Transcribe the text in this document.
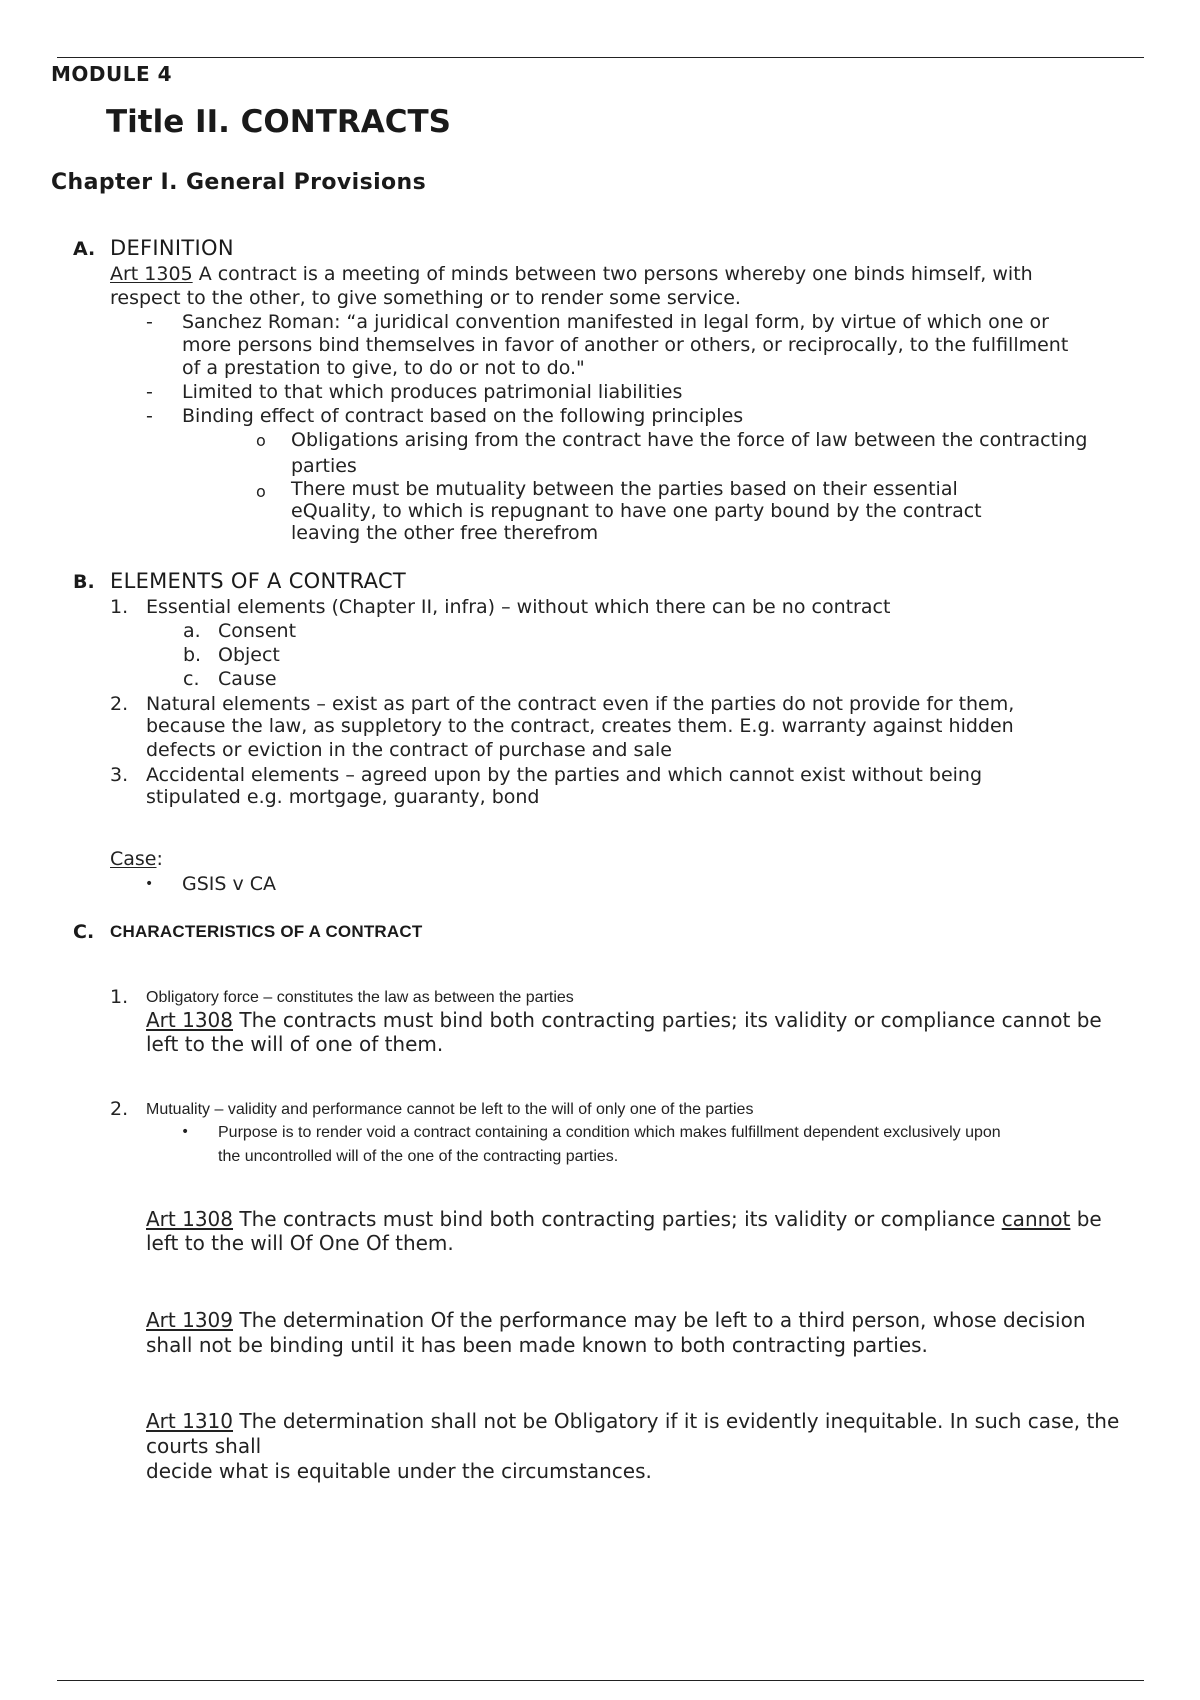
MODULE 4
Title II. CONTRACTS
Chapter I. General Provisions
A. DEFINITION
Art 1305 A contract is a meeting of minds between two persons whereby one binds himself, with
respect to the other, to give something or to render some service.
- Sanchez Roman: “a juridical convention manifested in legal form, by virtue of which one or
more persons bind themselves in favor of another or others, or reciprocally, to the fulfillment
of a prestation to give, to do or not to do."
- Limited to that which produces patrimonial liabilities
- Binding effect of contract based on the following principles
o Obligations arising from the contract have the force of law between the contracting
parties
o There must be mutuality between the parties based on their essential
eQuality, to which is repugnant to have one party bound by the contract
leaving the other free therefrom
B. ELEMENTS OF A CONTRACT
1. Essential elements (Chapter II, infra) – without which there can be no contract
a. Consent
b. Object
c. Cause
2. Natural elements – exist as part of the contract even if the parties do not provide for them,
because the law, as suppletory to the contract, creates them. E.g. warranty against hidden
defects or eviction in the contract of purchase and sale
3. Accidental elements – agreed upon by the parties and which cannot exist without being
stipulated e.g. mortgage, guaranty, bond
Case:
• GSIS v CA
C. CHARACTERISTICS OF A CONTRACT
1. Obligatory force – constitutes the law as between the parties
Art 1308 The contracts must bind both contracting parties; its validity or compliance cannot be
left to the will of one of them.
2. Mutuality – validity and performance cannot be left to the will of only one of the parties
• Purpose is to render void a contract containing a condition which makes fulfillment dependent exclusively upon
the uncontrolled will of the one of the contracting parties.
Art 1308 The contracts must bind both contracting parties; its validity or compliance cannot be
left to the will Of One Of them.
Art 1309 The determination Of the performance may be left to a third person, whose decision
shall not be binding until it has been made known to both contracting parties.
Art 1310 The determination shall not be Obligatory if it is evidently inequitable. In such case, the
courts shall
decide what is equitable under the circumstances.
